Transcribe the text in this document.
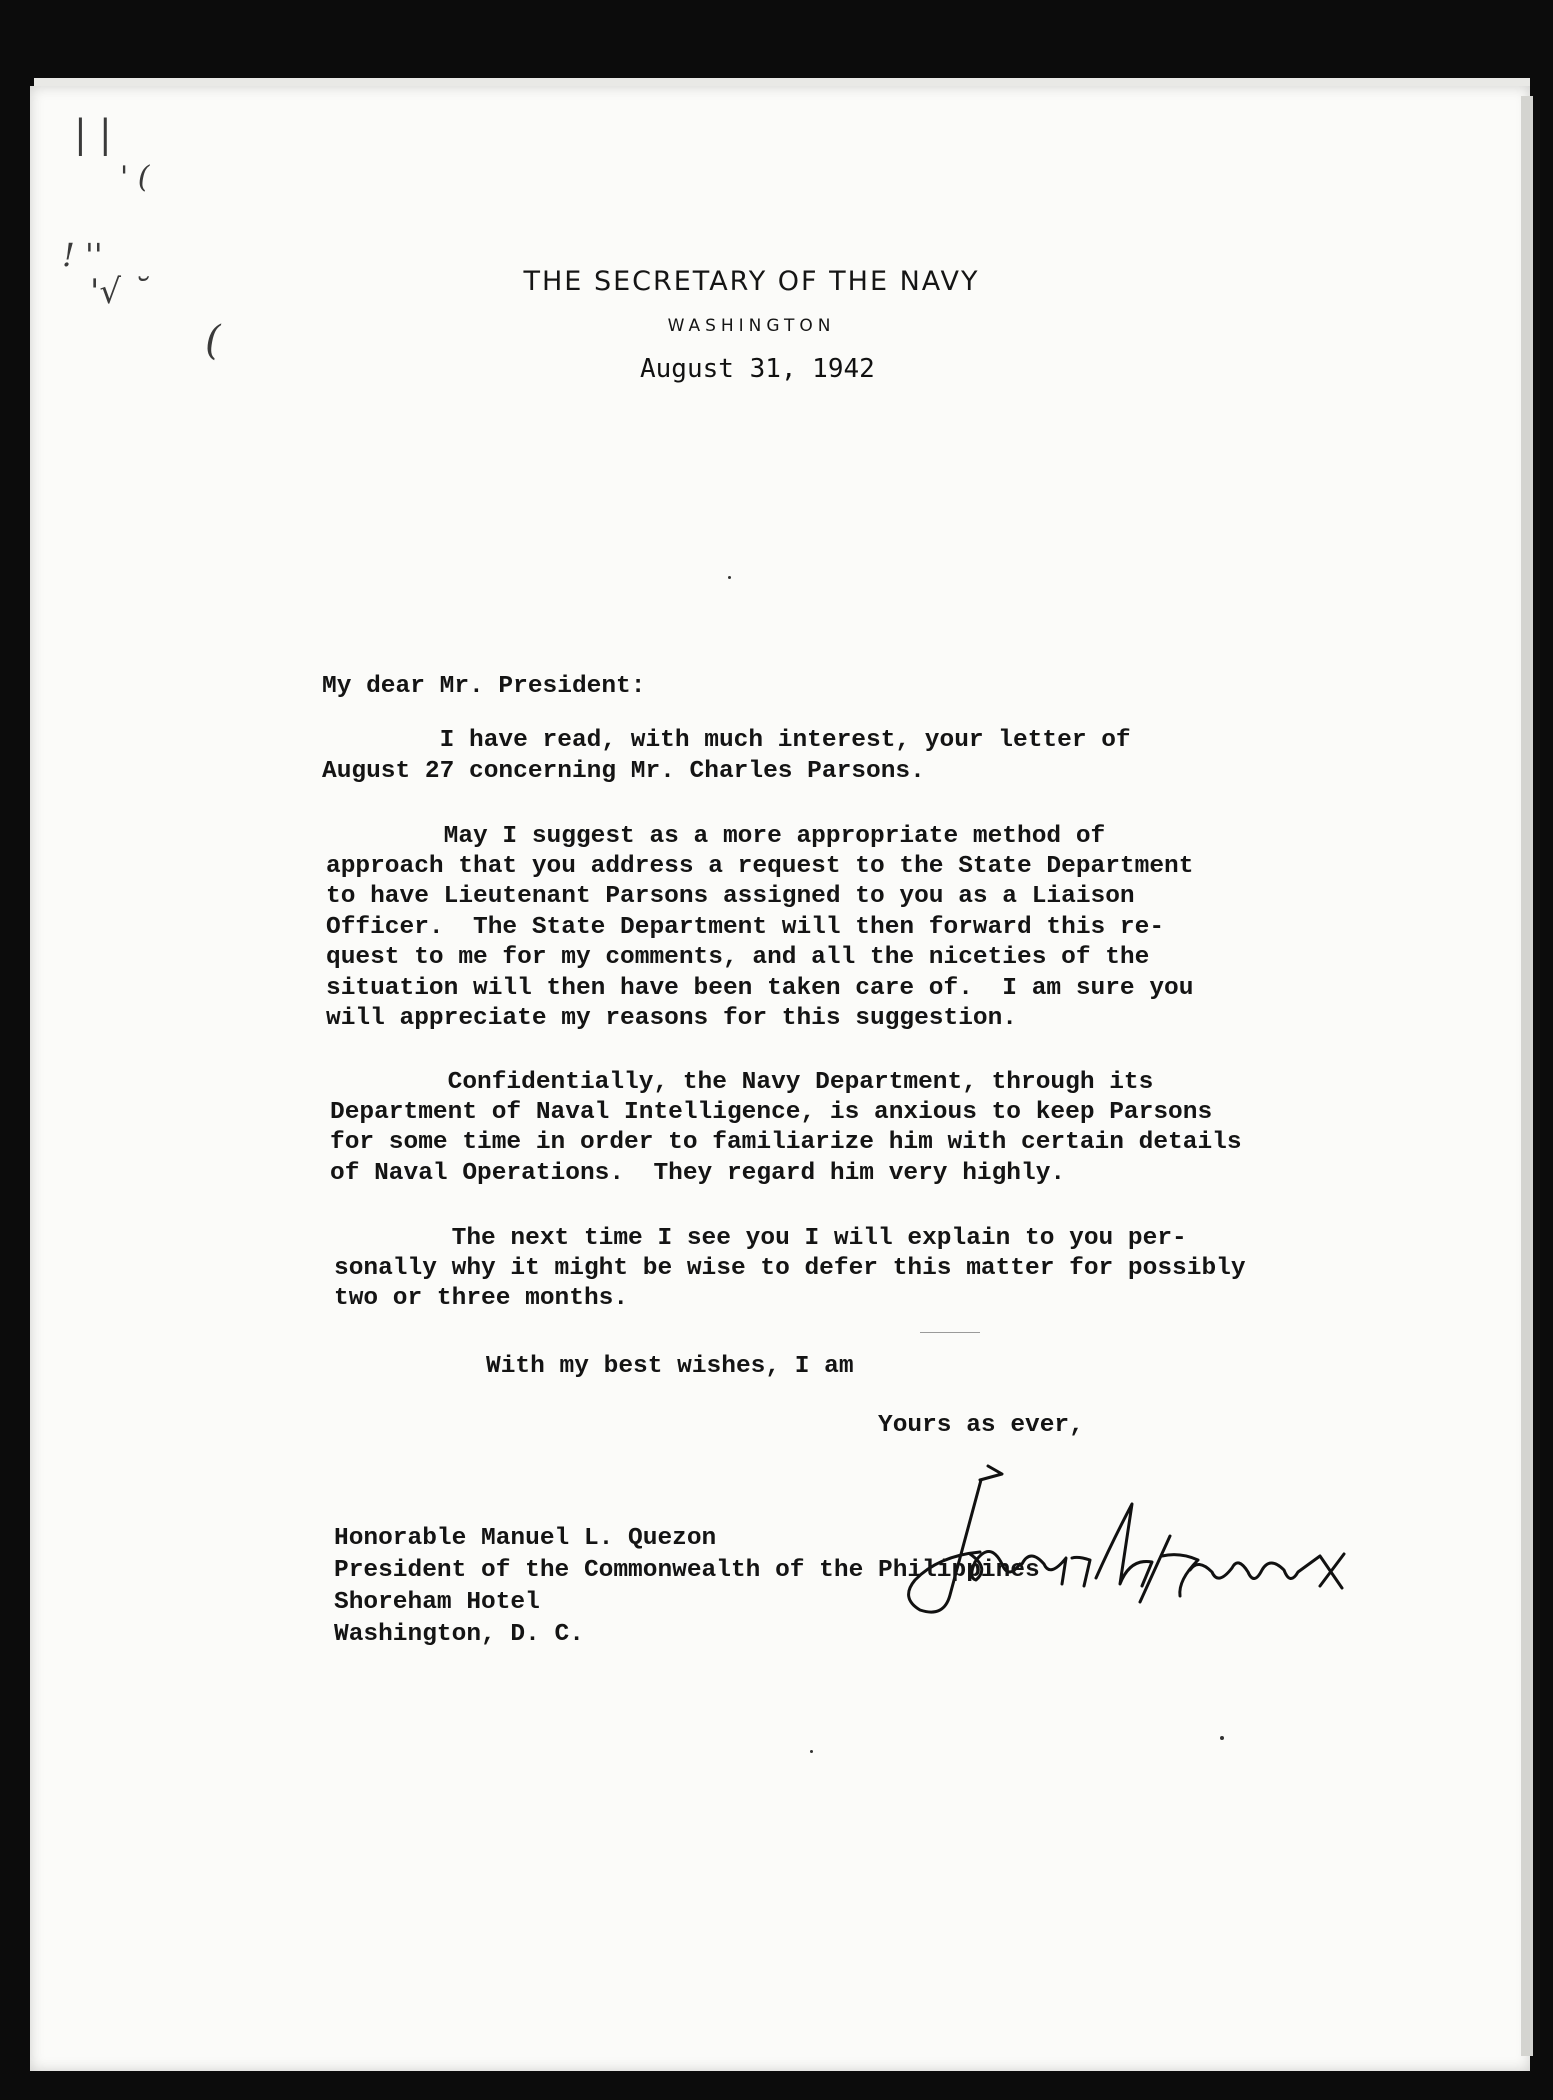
| |
' (
! ''
'√ ˘
(
THE SECRETARY OF THE NAVY
WASHINGTON
August 31, 1942
My dear Mr. President:
I have read, with much interest, your letter of
August 27 concerning Mr. Charles Parsons.
May I suggest as a more appropriate method of
approach that you address a request to the State Department
to have Lieutenant Parsons assigned to you as a Liaison
Officer.  The State Department will then forward this re-
quest to me for my comments, and all the niceties of the
situation will then have been taken care of.  I am sure you
will appreciate my reasons for this suggestion.
Confidentially, the Navy Department, through its
Department of Naval Intelligence, is anxious to keep Parsons
for some time in order to familiarize him with certain details
of Naval Operations.  They regard him very highly.
The next time I see you I will explain to you per-
sonally why it might be wise to defer this matter for possibly
two or three months.
With my best wishes, I am
Yours as ever,
Honorable Manuel L. Quezon
President of the Commonwealth of the Philippines
Shoreham Hotel
Washington, D. C.
